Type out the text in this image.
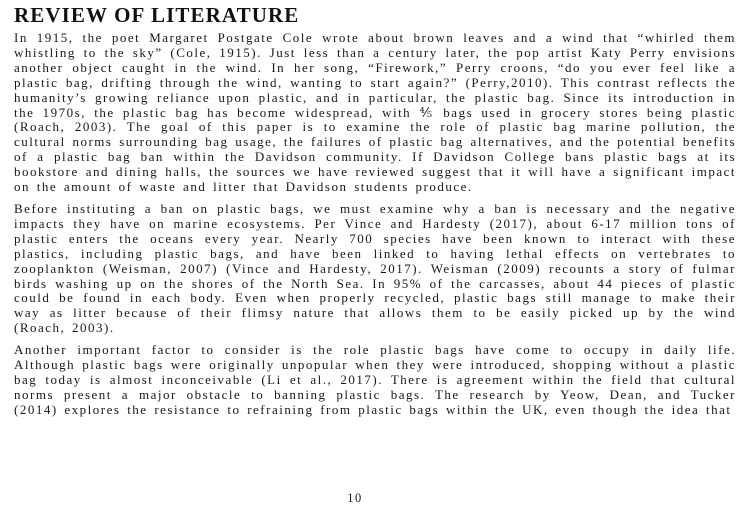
REVIEW OF LITERATURE

In 1915, the poet Margaret Postgate Cole wrote about brown leaves and a wind that “whirled them whistling to the sky” (Cole, 1915). Just less than a century later, the pop artist Katy Perry envisions another object caught in the wind. In her song, “Firework,” Perry croons, “do you ever feel like a plastic bag, drifting through the wind, wanting to start again?” (Perry,2010). This contrast reflects the humanity’s growing reliance upon plastic, and in particular, the plastic bag. Since its introduction in the 1970s, the plastic bag has become widespread, with ⅘ bags used in grocery stores being plastic (Roach, 2003). The goal of this paper is to examine the role of plastic bag marine pollution, the cultural norms surrounding bag usage, the failures of plastic bag alternatives, and the potential benefits of a plastic bag ban within the Davidson community. If Davidson College bans plastic bags at its bookstore and dining halls, the sources we have reviewed suggest that it will have a significant impact on the amount of waste and litter that Davidson students produce.

Before instituting a ban on plastic bags, we must examine why a ban is necessary and the negative impacts they have on marine ecosystems. Per Vince and Hardesty (2017), about 6-17 million tons of plastic enters the oceans every year. Nearly 700 species have been known to interact with these plastics, including plastic bags, and have been linked to having lethal effects on vertebrates to zooplankton (Weisman, 2007) (Vince and Hardesty, 2017). Weisman (2009) recounts a story of fulmar birds washing up on the shores of the North Sea. In 95% of the carcasses, about 44 pieces of plastic could be found in each body. Even when properly recycled, plastic bags still manage to make their way as litter because of their flimsy nature that allows them to be easily picked up by the wind (Roach, 2003).

Another important factor to consider is the role plastic bags have come to occupy in daily life. Although plastic bags were originally unpopular when they were introduced, shopping without a plastic bag today is almost inconceivable (Li et al., 2017). There is agreement within the field that cultural norms present a major obstacle to banning plastic bags. The research by Yeow, Dean, and Tucker (2014) explores the resistance to refraining from plastic bags within the UK, even though the idea that

10
